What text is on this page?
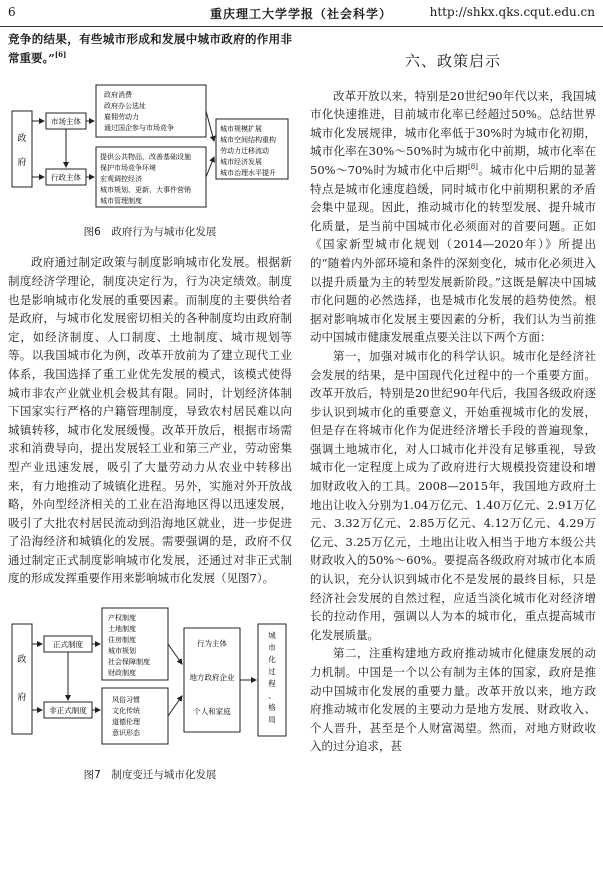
6	重庆理工大学学报（社会科学）	http://shkx.qks.cqut.edu.cn

竞争的结果，有些城市形成和发展中城市政府的作用非常重要。”[6]

政
府
市场主体
行政主体
政府消费
政府办公选址
雇佣劳动力
通过国企参与市场竞争
提供公共物品，改善基础设施
保护市场竞争环境
宏观调控经济
城市规划、更新、大事件营销
城市管理制度
城市规模扩展
城市空间结构重构
劳动力迁移流动
城市经济发展
城市治理水平提升
图6　政府行为与城市化发展

政府通过制定政策与制度影响城市化发展。根据新制度经济学理论，制度决定行为，行为决定绩效。制度也是影响城市化发展的重要因素。而制度的主要供给者是政府，与城市化发展密切相关的各种制度均由政府制定，如经济制度、人口制度、土地制度、城市规划等等。以我国城市化为例，改革开放前为了建立现代工业体系，我国选择了重工业优先发展的模式，该模式使得城市非农产业就业机会极其有限。同时，计划经济体制下国家实行严格的户籍管理制度，导致农村居民难以向城镇转移，城市化发展缓慢。改革开放后，根据市场需求和消费导向，提出发展轻工业和第三产业，劳动密集型产业迅速发展，吸引了大量劳动力从农业中转移出来，有力地推动了城镇化进程。另外，实施对外开放战略，外向型经济相关的工业在沿海地区得以迅速发展，吸引了大批农村居民流动到沿海地区就业，进一步促进了沿海经济和城镇化的发展。需要强调的是，政府不仅通过制定正式制度影响城市化发展，还通过对非正式制度的形成发挥重要作用来影响城市化发展（见图7）。

政
府
正式制度
非正式制度
产权制度
土地制度
住房制度
城市规划
社会保障制度
财政制度
风俗习惯
文化传统
道德伦理
意识形态
行为主体
地方政府企业
个人和家庭
城
市
化
过
程
、
格
局
图7　制度变迁与城市化发展
六、政策启示

改革开放以来，特别是20世纪90年代以来，我国城市化快速推进，目前城市化率已经超过50%。总结世界城市化发展规律，城市化率低于30%时为城市化初期，城市化率在30%～50%时为城市化中前期，城市化率在50%～70%时为城市化中后期[8]。城市化中后期的显著特点是城市化速度趋缓，同时城市化中前期积累的矛盾会集中显现。因此，推动城市化的转型发展、提升城市化质量，是当前中国城市化必须面对的首要问题。正如《国家新型城市化规划（2014—2020年）》所提出的“随着内外部环境和条件的深刻变化，城市化必须进入以提升质量为主的转型发展新阶段。”这既是解决中国城市化问题的必然选择，也是城市化发展的趋势使然。根据对影响城市化发展主要因素的分析，我们认为当前推动中国城市健康发展重点要关注以下两个方面：

第一，加强对城市化的科学认识。城市化是经济社会发展的结果，是中国现代化过程中的一个重要方面。改革开放后，特别是20世纪90年代后，我国各级政府逐步认识到城市化的重要意义，开始重视城市化的发展，但是存在将城市化作为促进经济增长手段的普遍现象，强调土地城市化，对人口城市化并没有足够重视，导致城市化一定程度上成为了政府进行大规模投资建设和增加财政收入的工具。2008—2015年，我国地方政府土地出让收入分别为1.04万亿元、1.40万亿元、2.91万亿元、3.32万亿元、2.85万亿元、4.12万亿元、4.29万亿元、3.25万亿元，土地出让收入相当于地方本级公共财政收入的50%～60%。要提高各级政府对城市化本质的认识，充分认识到城市化不是发展的最终目标，只是经济社会发展的自然过程，应适当淡化城市化对经济增长的拉动作用，强调以人为本的城市化，重点提高城市化发展质量。

第二，注重构建地方政府推动城市化健康发展的动力机制。中国是一个以公有制为主体的国家，政府是推动中国城市化发展的重要力量。改革开放以来，地方政府推动城市化发展的主要动力是地方发展、财政收入、个人晋升，甚至是个人财富渴望。然而，对地方财政收入的过分追求，甚
